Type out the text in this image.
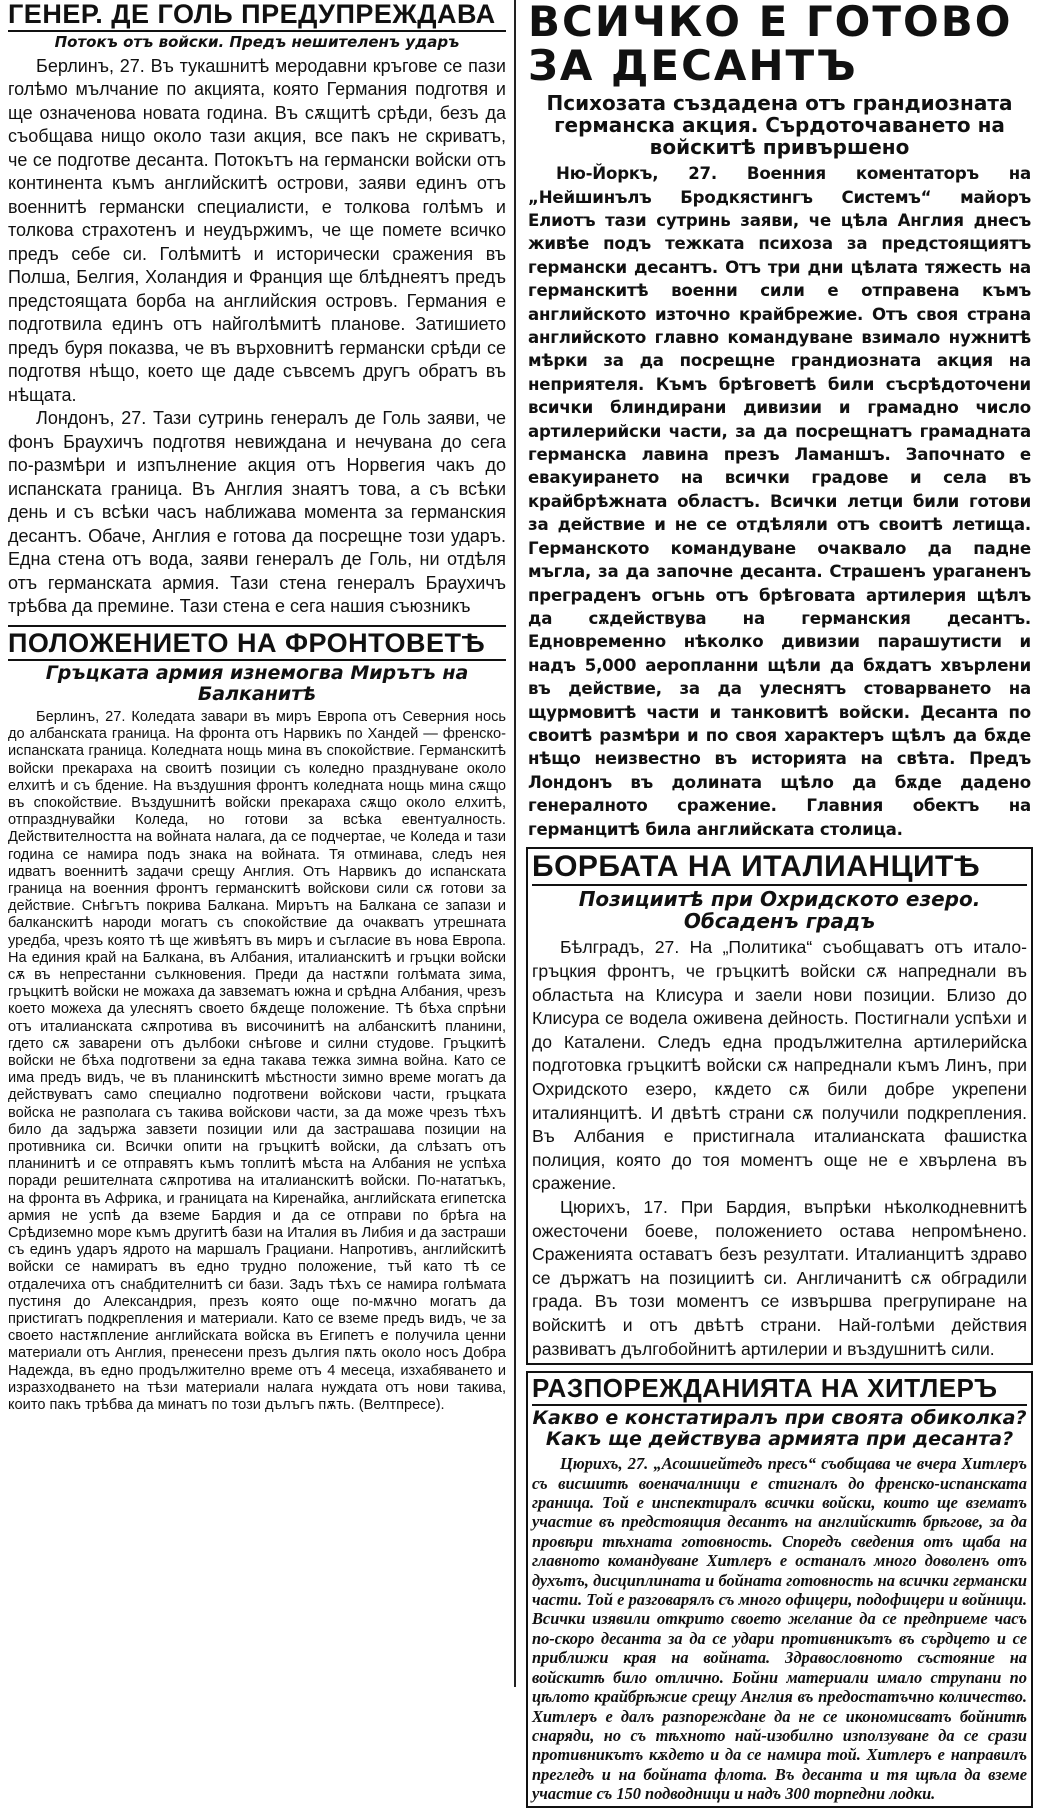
ГЕНЕР. ДЕ ГОЛЬ ПРЕДУПРЕЖДАВА
Потокъ отъ войски. Предъ нешителенъ ударъ

Берлинъ, 27. Въ тукашнитѣ меродавни кръгове се пази голѣмо мълчание по акцията, която Германия подготвя и ще означенова новата година. Въ сѫщитѣ срѣди, безъ да съобщава нищо около тази акция, все пакъ не скриватъ, че се подготве десанта. Потокътъ на германски войски отъ континента къмъ английскитѣ острови, заяви единъ отъ военнитѣ германски специалисти, е толкова голѣмъ и толкова страхотенъ и неудържимъ, че ще помете всичко предъ себе си. Голѣмитѣ и исторически сражения въ Полша, Белгия, Холандия и Франция ще блѣднеятъ предъ предстоящата борба на английския островъ. Германия е подготвила единъ отъ найголѣмитѣ планове. Затишието предъ буря показва, че въ върховнитѣ германски срѣди се подготвя нѣщо, което ще даде съвсемъ другъ обратъ въ нѣщата.

Лондонъ, 27. Тази сутринь генералъ де Голь заяви, че фонъ Браухичъ подготвя невиждана и нечувана до сега по-размѣри и изпълнение акция отъ Норвегия чакъ до испанската граница. Въ Англия знаятъ това, а съ всѣки день и съ всѣки часъ наближава момента за германския десантъ. Обаче, Англия е готова да посрещне този ударъ. Една стена отъ вода, заяви генералъ де Голь, ни отдѣля отъ германската армия. Тази стена генералъ Браухичъ трѣбва да премине. Тази стена е сега нашия съюзникъ

ПОЛОЖЕНИЕТО НА ФРОНТОВЕТѢ
Гръцката армия изнемогва Мирътъ на Балканитѣ

Берлинъ, 27. Коледата завари въ миръ Европа отъ Северния нось до албанската граница. На фронта отъ Нарвикъ по Хандей — френско-испанската граница. Коледната нощь мина въ спокойствие. Германскитѣ войски прекараха на своитѣ позиции съ коледно празднуване около елхитѣ и съ бдение. На въздушния фронтъ коледната нощь мина сѫщо въ спокойствие. Въздушнитѣ войски прекараха сѫщо около елхитѣ, отпразднувайки Коледа, но готови за всѣка евентуалность. Действителността на войната налага, да се подчертае, че Коледа и тази година се намира подъ знака на войната. Тя отминава, следъ нея идватъ военнитѣ задачи срещу Англия. Отъ Нарвикъ до испанската граница на военния фронтъ германскитѣ войскови сили сѫ готови за действие. Снѣгътъ покрива Балкана. Мирътъ на Балкана се запази и балканскитѣ народи могатъ съ спокойствие да очакватъ утрешната уредба, чрезъ която тѣ ще живѣятъ въ миръ и съгласие въ нова Европа. На единия край на Балкана, въ Албания, италианскитѣ и гръцки войски сѫ въ непрестанни сълкновения. Преди да настѫпи голѣмата зима, гръцкитѣ войски не можаха да завзематъ южна и срѣдна Албания, чрезъ което можеха да улеснятъ своето бѫдеще положение. Тѣ бѣха спрѣни отъ италианската сѫпротива въ височинитѣ на албанскитѣ планини, гдето сѫ заварени отъ дълбоки снѣгове и силни студове. Гръцкитѣ войски не бѣха подготвени за една такава тежка зимна война. Като се има предъ видъ, че въ планинскитѣ мѣстности зимно време могатъ да действуватъ само специално подготвени войскови части, гръцката войска не разполага съ такива войскови части, за да може чрезъ тѣхъ било да задържа завзети позиции или да застрашава позиции на противника си. Всички опити на гръцкитѣ войски, да слѣзатъ отъ планинитѣ и се отправятъ къмъ топлитѣ мѣста на Албания не успѣха поради решителната сѫпротива на италианскитѣ войски. По-нататъкъ, на фронта въ Африка, и границата на Киренайка, английската египетска армия не успѣ да вземе Бардия и да се отправи по брѣга на Срѣдиземно море къмъ другитѣ бази на Италия въ Либия и да застраши съ единъ ударъ ядрото на маршалъ Грациани. Напротивъ, английскитѣ войски се намиратъ въ едно трудно положение, тъй като тѣ се отдалечиха отъ снабдителнитѣ си бази. Задъ тѣхъ се намира голѣмата пустиня до Александрия, презъ която още по-мѫчно могатъ да пристигатъ подкрепления и материали. Като се вземе предъ видъ, че за своето настѫпление английската войска въ Египетъ е получила ценни материали отъ Англия, пренесени презъ дългия пѫть около носъ Добра Надежда, въ едно продължително време отъ 4 месеца, изхабяването и изразходването на тѣзи материали налага нуждата отъ нови такива, които пакъ трѣбва да минатъ по този дълъгъ пѫть. (Велтпресе).

ВСИЧКО Е ГОТОВО ЗА ДЕСАНТЪ
Психозата създадена отъ грандиозната германска акция. Сърдоточаването на войскитѣ привършено

Ню-Йоркъ, 27. Военния коментаторъ на „Нейшинълъ Бродкястингъ Системъ“ майоръ Елиотъ тази сутринь заяви, че цѣла Англия днесъ живѣе подъ тежката психоза за предстоящиятъ германски десантъ. Отъ три дни цѣлата тяжесть на германскитѣ военни сили е отправена къмъ английското източно крайбрежие. Отъ своя страна английското главно командуване взимало нужнитѣ мѣрки за да посрещне грандиозната акция на неприятеля. Къмъ брѣговетѣ били съсрѣдоточени всички блиндирани дивизии и грамадно число артилерийски части, за да посрещнатъ грамадната германска лавина презъ Ламаншъ. Започнато е евакуирането на всички градове и села въ крайбрѣжната областъ. Всички летци били готови за действие и не се отдѣляли отъ своитѣ летища. Германското командуване очаквало да падне мъгла, за да започне десанта. Страшенъ ураганенъ преграденъ огънь отъ брѣговата артилерия щѣлъ да сѫдействува на германския десантъ. Едновременно нѣколко дивизии парашутисти и надъ 5,000 аеропланни щѣли да бѫдатъ хвърлени въ действие, за да улеснятъ стоварването на щурмовитѣ части и танковитѣ войски. Десанта по своитѣ размѣри и по своя характеръ щѣлъ да бѫде нѣщо неизвестно въ историята на свѣта. Предъ Лондонъ въ долината щѣло да бѫде дадено генералното сражение. Главния обектъ на германцитѣ била английската столица.

БОРБАТА НА ИТАЛИАНЦИТѢ
Позициитѣ при Охридското езеро. Обсаденъ градъ

Бѣлградъ, 27. На „Политика“ съобщаватъ отъ итало-гръцкия фронтъ, че гръцкитѣ войски сѫ напреднали въ областьта на Клисура и заели нови позиции. Близо до Клисура се водела оживена дейность. Постигнали успѣхи и до Каталени. Следъ една продължителна артилерийска подготовка гръцкитѣ войски сѫ напреднали къмъ Линъ, при Охридското езеро, кѫдето сѫ били добре укрепени италиянцитѣ. И двѣтѣ страни сѫ получили подкрепления. Въ Албания е пристигнала италианската фашистка полиция, която до тоя моментъ още не е хвърлена въ сражение.

Цюрихъ, 17. При Бардия, въпрѣки нѣколкодневнитѣ ожесточени боеве, положението остава непромѣнено. Сраженията оставатъ безъ резултати. Италианцитѣ здраво се държатъ на позициитѣ си. Англичанитѣ сѫ обградили града. Въ този моментъ се извършва прегрупиране на войскитѣ и отъ двѣтѣ страни. Най-голѣми действия развиватъ дългобойнитѣ артилерии и въздушнитѣ сили.

РАЗПОРЕЖДАНИЯТА НА ХИТЛЕРЪ
Какво е констатиралъ при своята обиколка? Какъ ще действува армията при десанта?

Цюрихъ, 27. „Асошиейтедъ пресъ“ съобщава че вчера Хитлеръ съ висшитѣ военачалници е стигналъ до френско-испанската граница. Той е инспектиралъ всички войски, които ще взематъ участие въ предстоящия десантъ на английскитѣ брѣгове, за да провѣри тѣхната готовность. Споредъ сведения отъ щаба на главното командуване Хитлеръ е останалъ много доволенъ отъ духътъ, дисциплината и бойната готовность на всички германски части. Той е разговарялъ съ много офицери, подофицери и войници. Всички изявили открито своето желание да се предприеме часъ по-скоро десанта за да се удари противникътъ въ сърдцето и се приближи края на войната. Здравословното състояние на войскитѣ било отлично. Бойни материали имало струпани по цѣлото крайбрѣжие срещу Англия въ предостатъчно количество. Хитлеръ е далъ разпореждане да не се икономисватъ бойнитѣ снаряди, но съ тѣхното най-изобилно използуване да се срази противникътъ кѫдето и да се намира той. Хитлеръ е направилъ прегледъ и на бойната флота. Въ десанта и тя щѣла да вземе участие съ 150 подводници и надъ 300 торпедни лодки.
